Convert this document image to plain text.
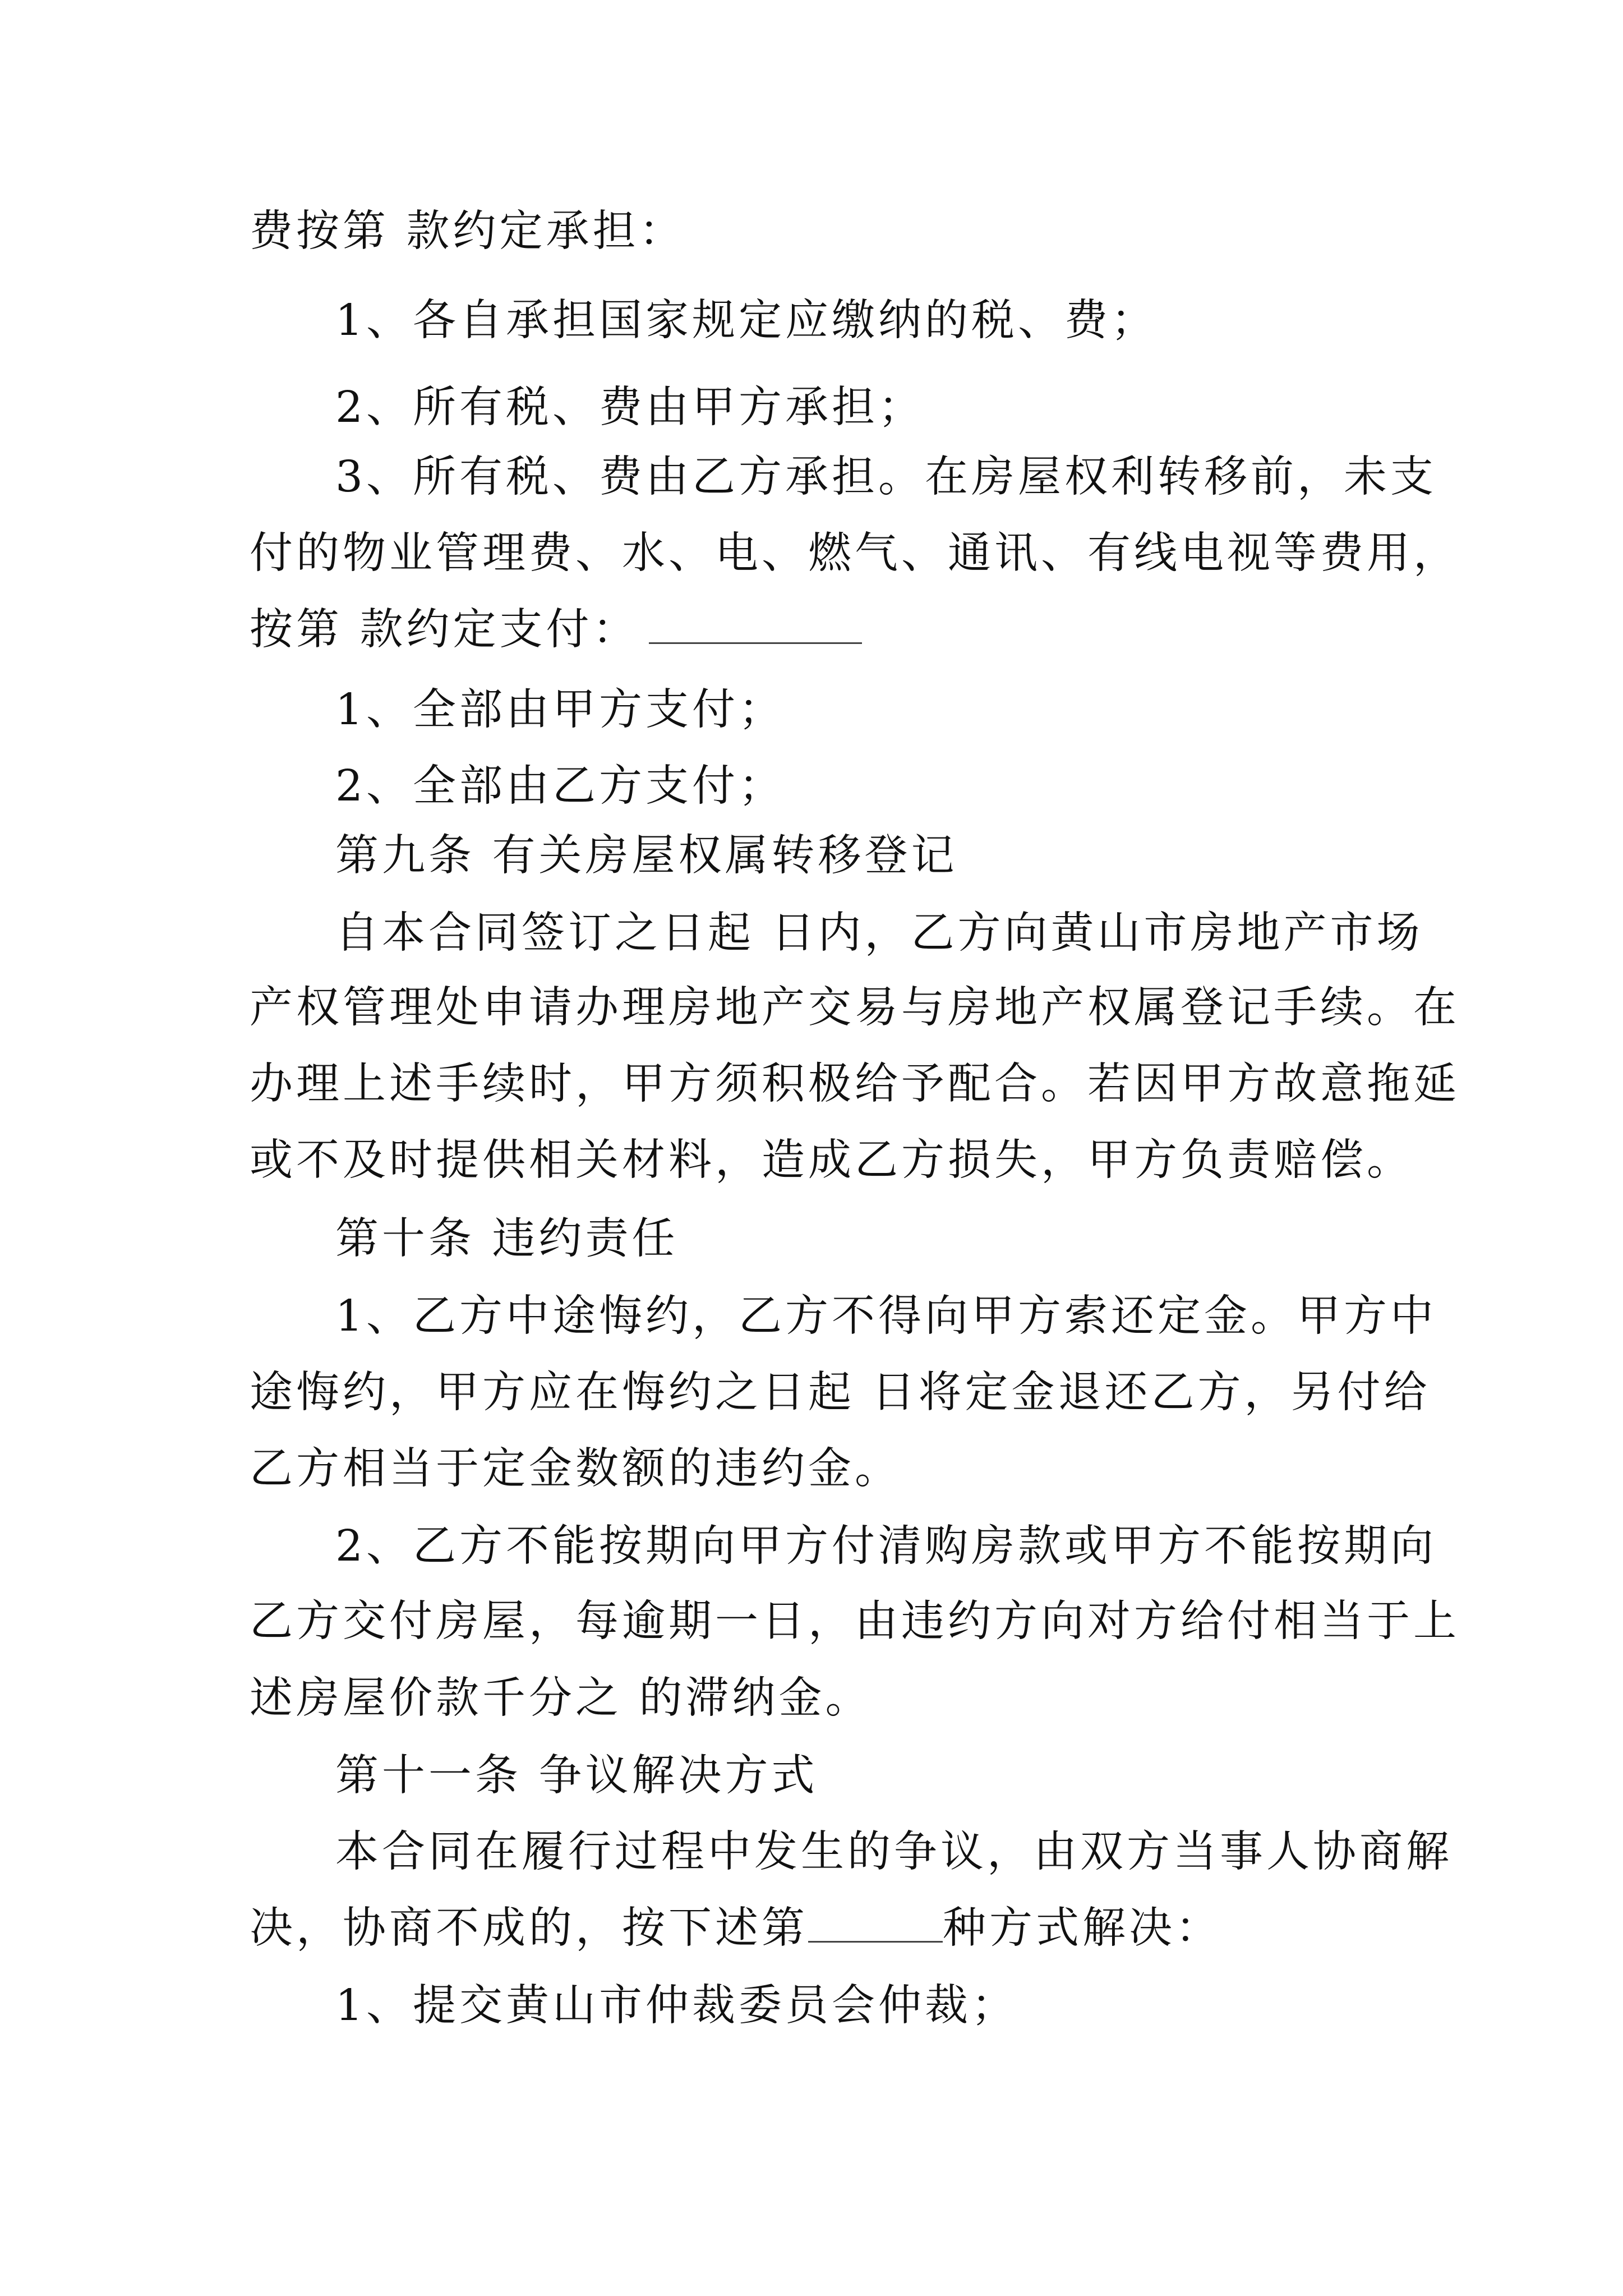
费按第 款约定承担：
1、各自承担国家规定应缴纳的税、费；
2、所有税、费由甲方承担；
3、所有税、费由乙方承担。在房屋权利转移前，未支
付的物业管理费、水、电、燃气、通讯、有线电视等费用，
按第 款约定支付：
1、全部由甲方支付；
2、全部由乙方支付；
第九条 有关房屋权属转移登记
自本合同签订之日起 日内，乙方向黄山市房地产市场
产权管理处申请办理房地产交易与房地产权属登记手续。在
办理上述手续时，甲方须积极给予配合。若因甲方故意拖延
或不及时提供相关材料，造成乙方损失，甲方负责赔偿。
第十条 违约责任
1、乙方中途悔约，乙方不得向甲方索还定金。甲方中
途悔约，甲方应在悔约之日起 日将定金退还乙方，另付给
乙方相当于定金数额的违约金。
2、乙方不能按期向甲方付清购房款或甲方不能按期向
乙方交付房屋，每逾期一日，由违约方向对方给付相当于上
述房屋价款千分之 的滞纳金。
第十一条 争议解决方式
本合同在履行过程中发生的争议，由双方当事人协商解
决，协商不成的，按下述第	种方式解决：
1、提交黄山市仲裁委员会仲裁；
